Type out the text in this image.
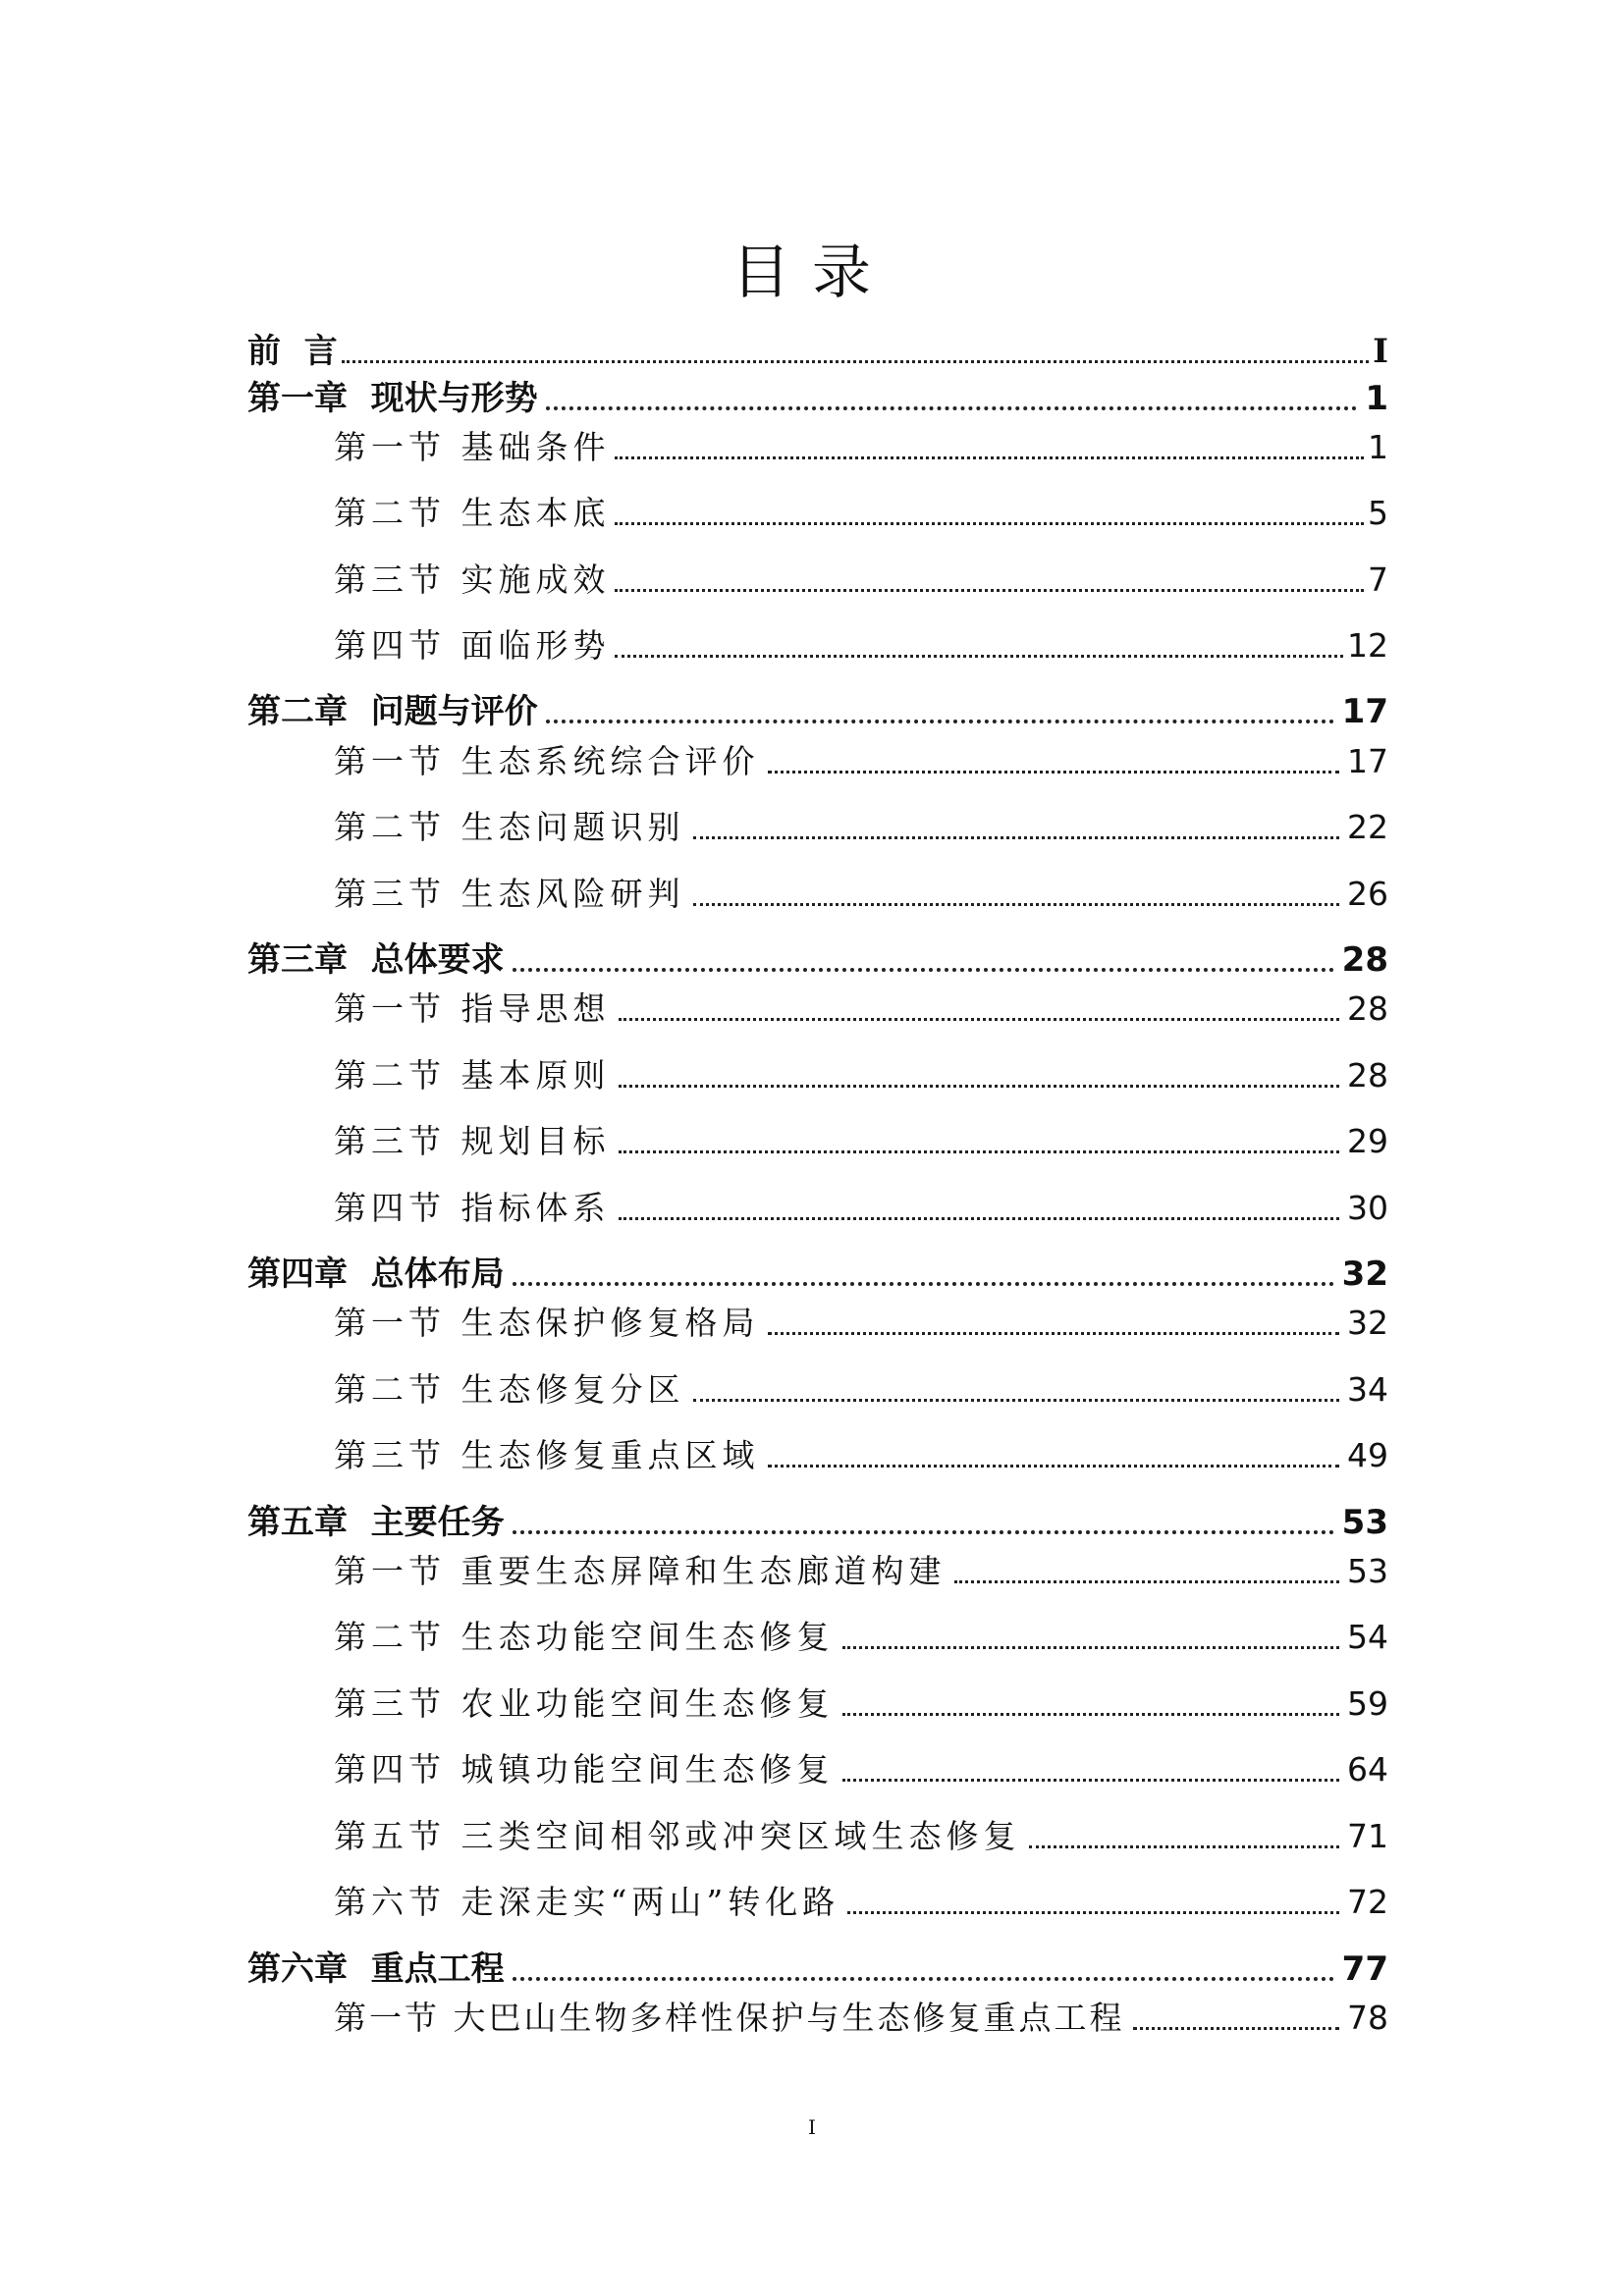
目录
前  言	I
第一章  现状与形势	1
第一节 基础条件	1
第二节 生态本底	5
第三节 实施成效	7
第四节 面临形势	12
第二章  问题与评价	17
第一节 生态系统综合评价	17
第二节 生态问题识别	22
第三节 生态风险研判	26
第三章  总体要求	28
第一节 指导思想	28
第二节 基本原则	28
第三节 规划目标	29
第四节 指标体系	30
第四章  总体布局	32
第一节 生态保护修复格局	32
第二节 生态修复分区	34
第三节 生态修复重点区域	49
第五章  主要任务	53
第一节 重要生态屏障和生态廊道构建	53
第二节 生态功能空间生态修复	54
第三节 农业功能空间生态修复	59
第四节 城镇功能空间生态修复	64
第五节 三类空间相邻或冲突区域生态修复	71
第六节 走深走实“两山”转化路	72
第六章  重点工程	77
第一节 大巴山生物多样性保护与生态修复重点工程	78
I
